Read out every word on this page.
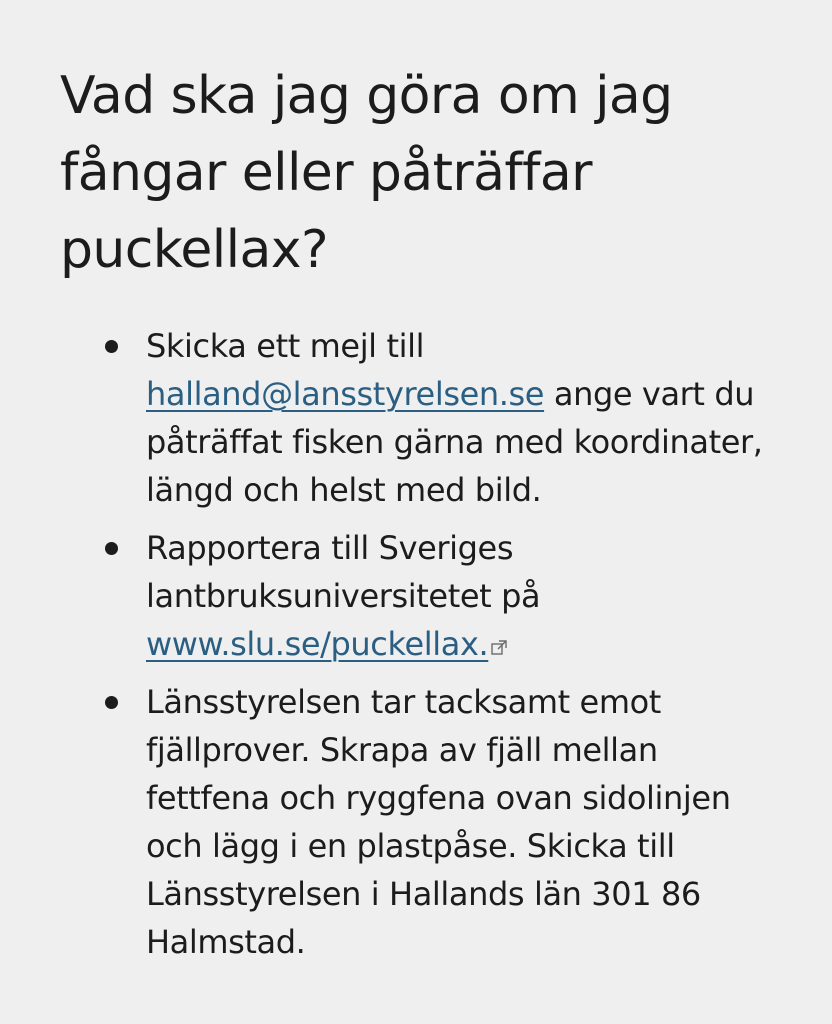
Vad ska jag göra om jag fångar eller påträffar puckellax?
Skicka ett mejl till halland@lansstyrelsen.se ange vart du påträffat fisken gärna med koordinater, längd och helst med bild.
Rapportera till Sveriges lantbruksuniversitetet på www.slu.se/puckellax.
Länsstyrelsen tar tacksamt emot fjällprover. Skrapa av fjäll mellan fettfena och ryggfena ovan sidolinjen och lägg i en plastpåse. Skicka till Länsstyrelsen i Hallands län 301 86 Halmstad.
